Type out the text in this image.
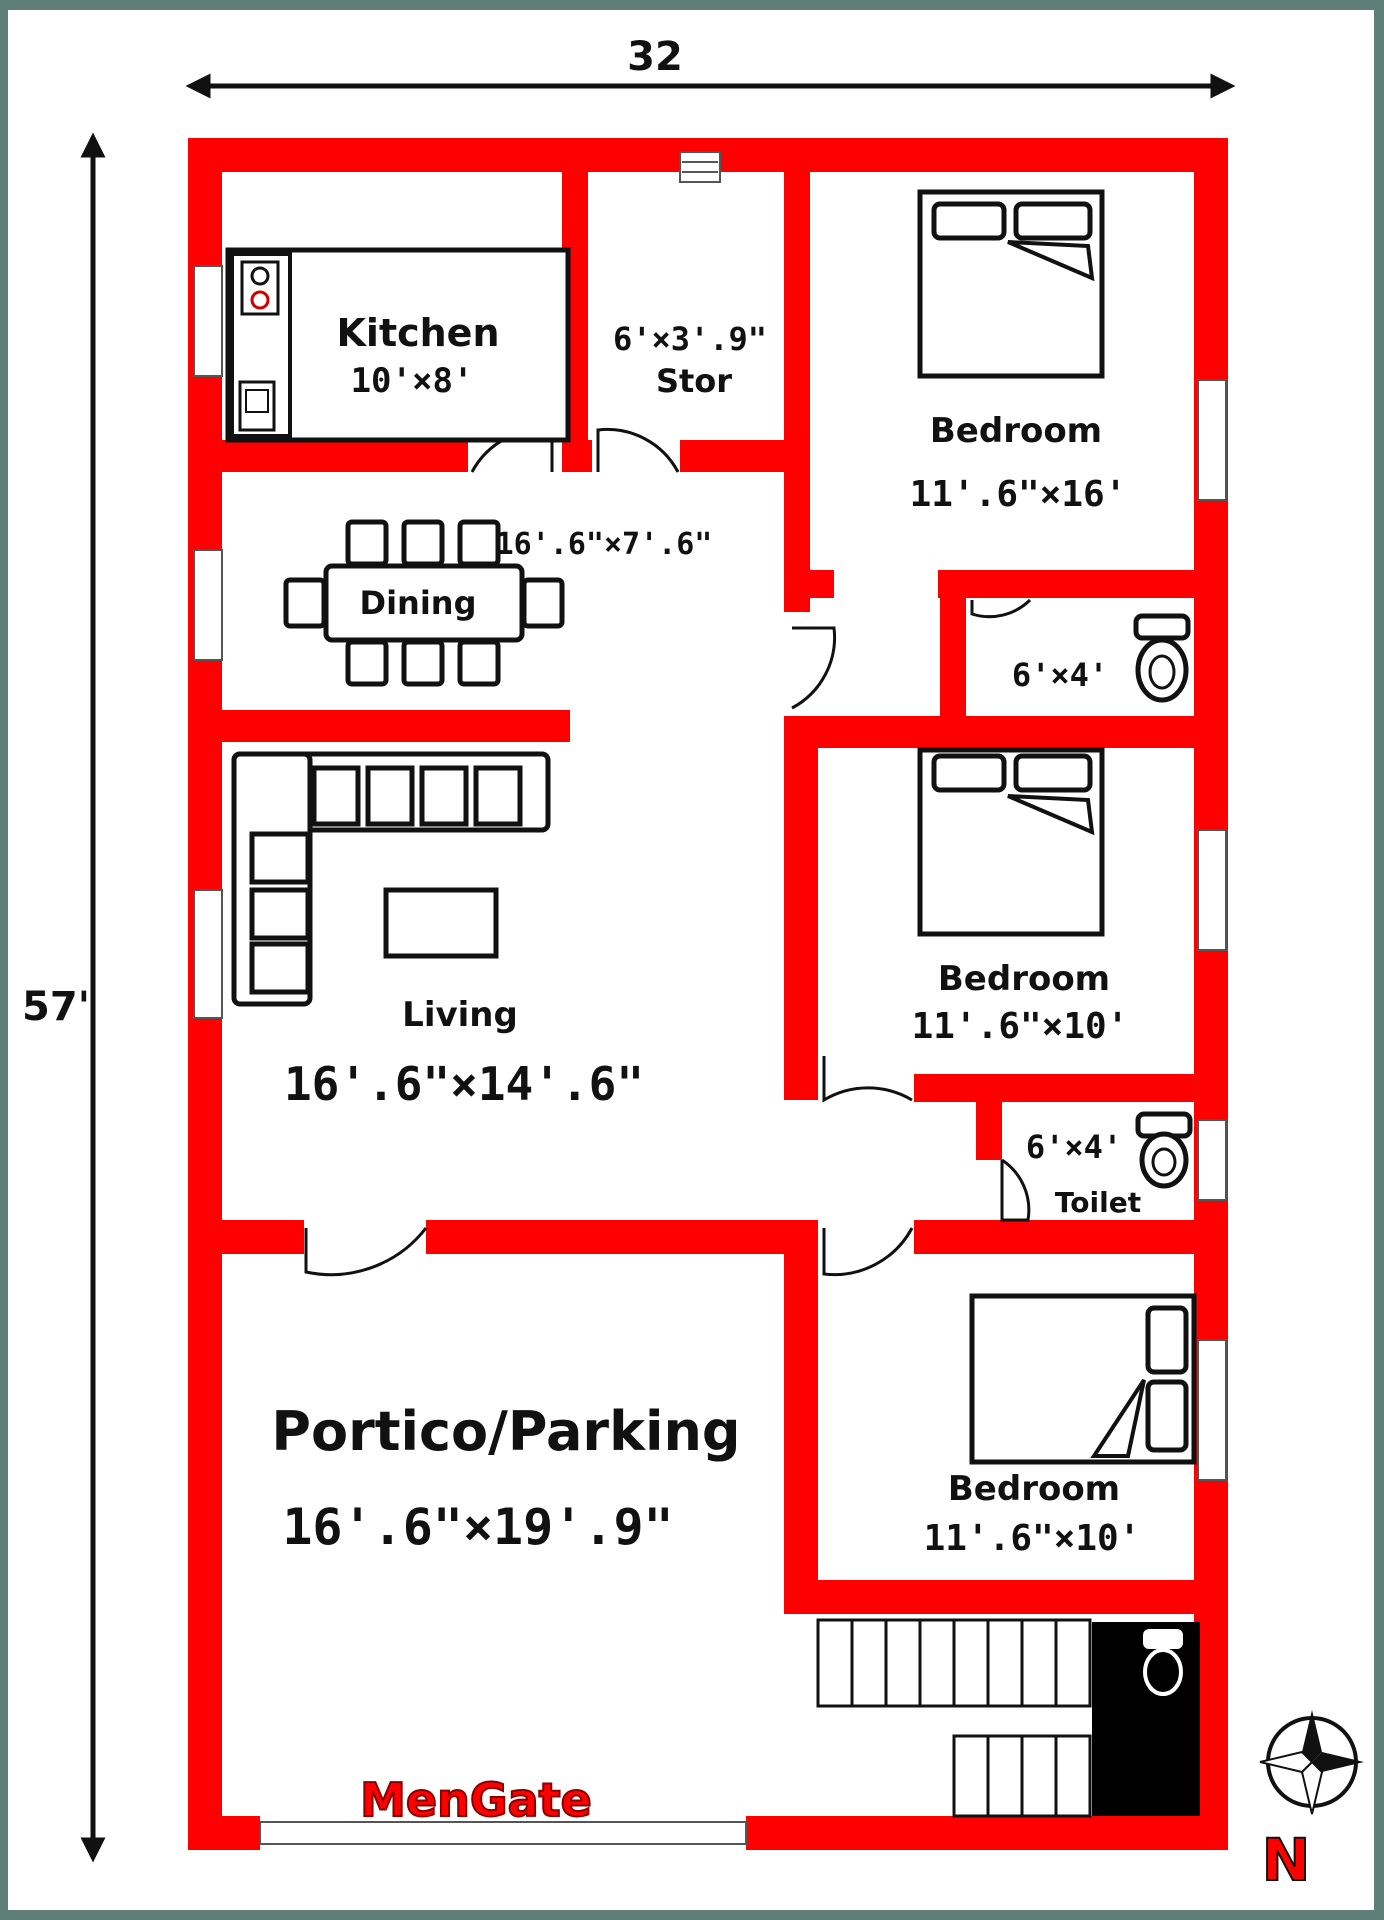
32
57'
Kitchen
10'×8'
6'×3'.9"
Stor
Bedroom
11'.6"×16'
16'.6"×7'.6"
Dining
6'×4'
Living
16'.6"×14'.6"
Bedroom
11'.6"×10'
6'×4'
Toilet
Portico/Parking
16'.6"×19'.9"
Bedroom
11'.6"×10'
MenGate
N
